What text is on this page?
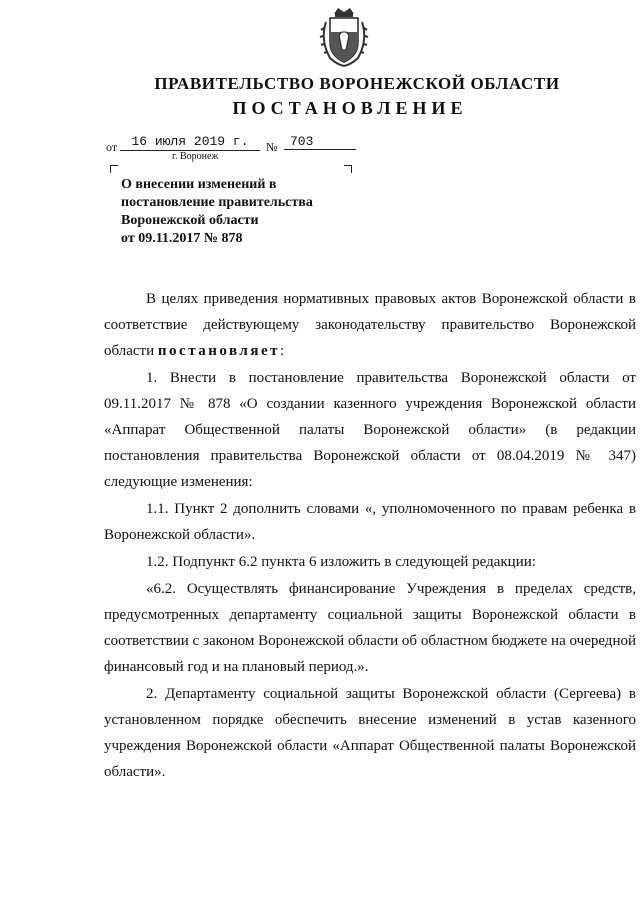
ПРАВИТЕЛЬСТВО ВОРОНЕЖСКОЙ ОБЛАСТИ
ПОСТАНОВЛЕНИЕ
от	16 июля 2019 г.	№ 703
г. Воронеж
О внесении изменений в
постановление правительства
Воронежской области
от 09.11.2017 № 878

В целях приведения нормативных правовых актов Воронежской области в соответствие действующему законодательству правительство Воронежской области постановляет:

1. Внести в постановление правительства Воронежской области от 09.11.2017 № 878 «О создании казенного учреждения Воронежской области «Аппарат Общественной палаты Воронежской области» (в редакции постановления правительства Воронежской области от 08.04.2019 № 347) следующие изменения:

1.1. Пункт 2 дополнить словами «, уполномоченного по правам ребенка в Воронежской области».

1.2. Подпункт 6.2 пункта 6 изложить в следующей редакции:

«6.2. Осуществлять финансирование Учреждения в пределах средств, предусмотренных департаменту социальной защиты Воронежской области в соответствии с законом Воронежской области об областном бюджете на очередной финансовый год и на плановый период.».

2. Департаменту социальной защиты Воронежской области (Сергеева) в установленном порядке обеспечить внесение изменений в устав казенного учреждения Воронежской области «Аппарат Общественной палаты Воронежской области».
